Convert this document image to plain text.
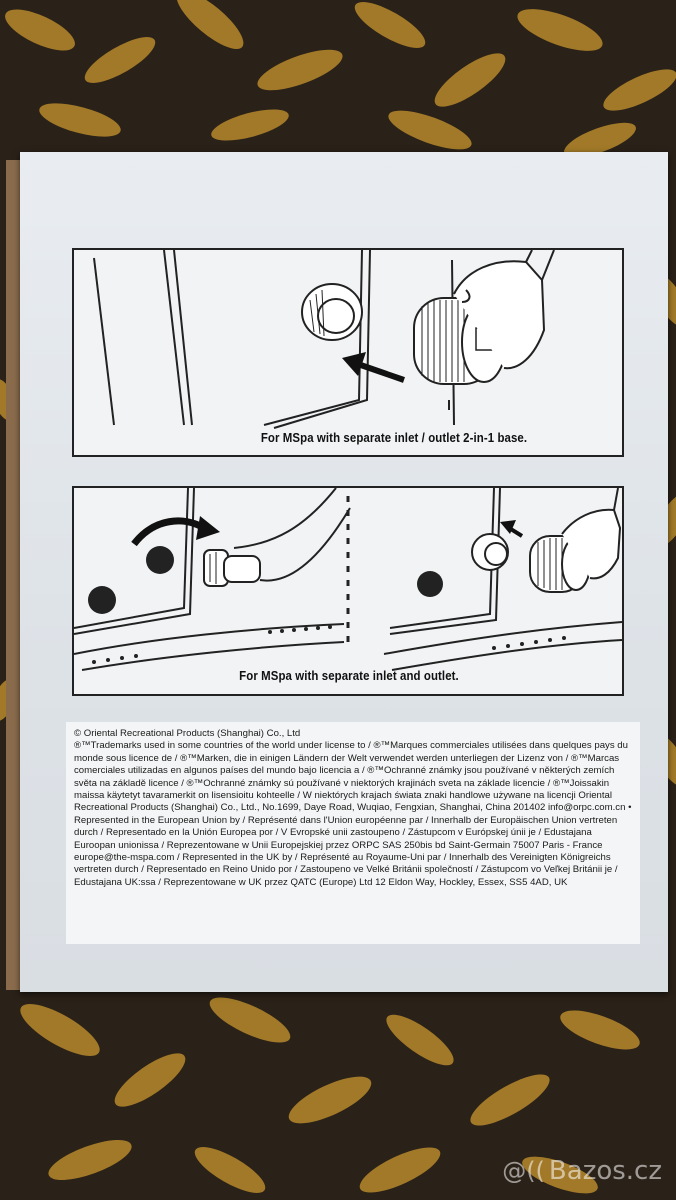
For MSpa with separate inlet / outlet 2-in-1 base.
For MSpa with separate inlet and outlet.

© Oriental Recreational Products (Shanghai) Co., Ltd

®™Trademarks used in some countries of the world under license to / ®™Marques commerciales utilisées dans quelques pays du monde sous licence de / ®™Marken, die in einigen Ländern der Welt verwendet werden unterliegen der Lizenz von / ®™Marcas comerciales utilizadas en algunos países del mundo bajo licencia a / ®™Ochranné známky jsou používané v některých zemích světa na základě licence / ®™Ochranné známky sú používané v niektorých krajinách sveta na základe licencie / ®™Joissakin maissa käytetyt tavaramerkit on lisensioitu kohteelle / W niektórych krajach świata znaki handlowe używane na licencji Oriental Recreational Products (Shanghai) Co., Ltd., No.1699, Daye Road, Wuqiao, Fengxian, Shanghai, China 201402 info@orpc.com.cn • Represented in the European Union by / Représenté dans l'Union européenne par / Innerhalb der Europäischen Union vertreten durch / Representado en la Unión Europea por / V Evropské unii zastoupeno / Zástupcom v Európskej únii je / Edustajana Euroopan unionissa / Reprezentowane w Unii Europejskiej przez ORPC SAS 250bis bd Saint-Germain 75007 Paris - France europe@the-mspa.com / Represented in the UK by / Représenté au Royaume-Uni par / Innerhalb des Vereinigten Königreichs vertreten durch / Representado en Reino Unido por / Zastoupeno ve Velké Británii společností / Zástupcom vo Veľkej Británii je / Edustajana UK:ssa / Reprezentowane w UK przez QATC (Europe) Ltd 12 Eldon Way, Hockley, Essex, SS5 4AD, UK

@(( Bazos.cz
